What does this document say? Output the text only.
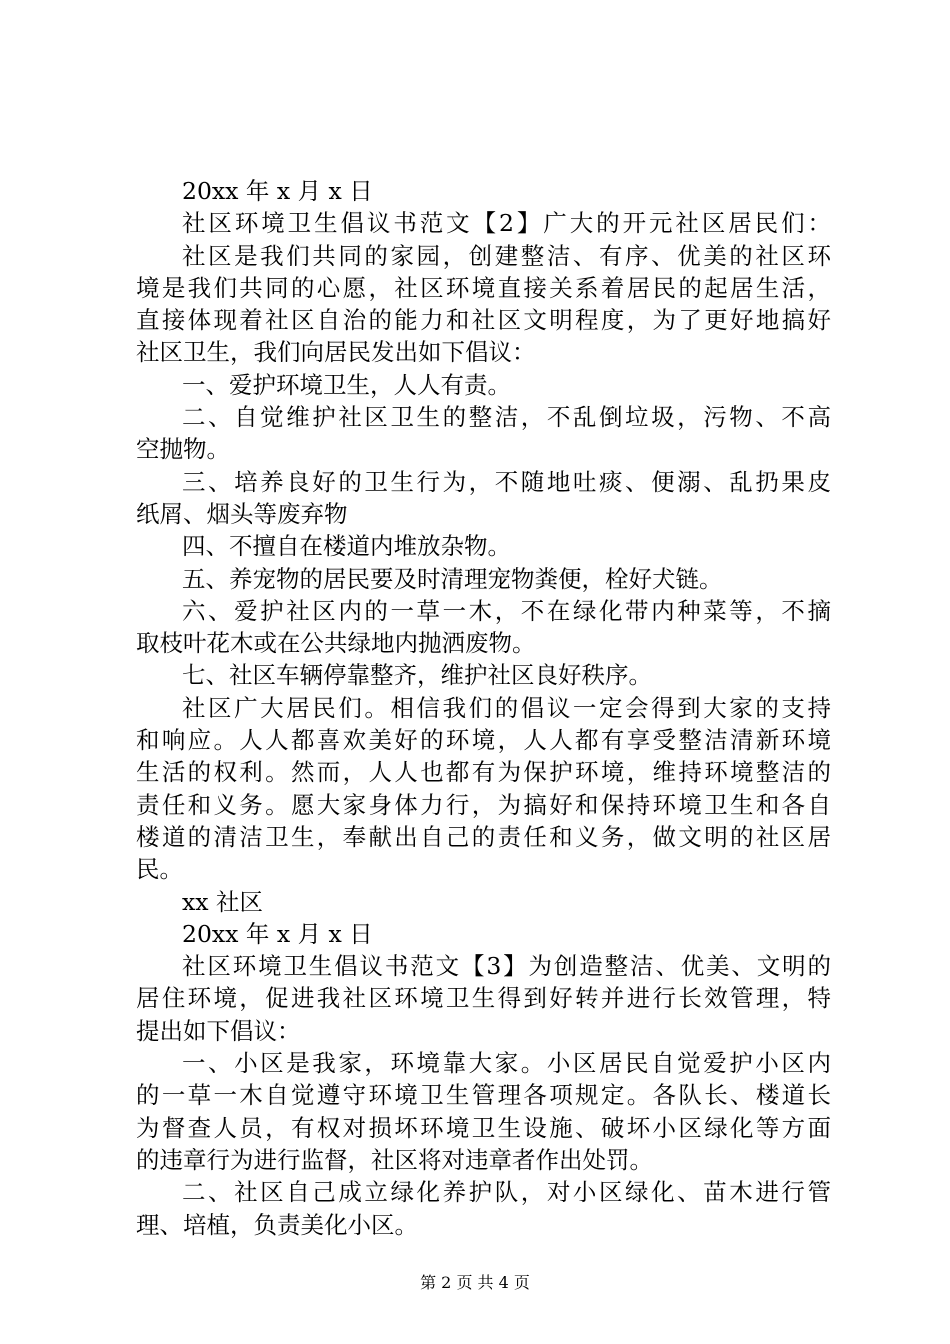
20xx 年 x 月 x 日
社区环境卫生倡议书范文【2】广大的开元社区居民们：
社区是我们共同的家园，创建整洁、有序、优美的社区环
境是我们共同的心愿，社区环境直接关系着居民的起居生活，
直接体现着社区自治的能力和社区文明程度，为了更好地搞好
社区卫生，我们向居民发出如下倡议：
一、爱护环境卫生，人人有责。
二、自觉维护社区卫生的整洁，不乱倒垃圾，污物、不高
空抛物。
三、培养良好的卫生行为，不随地吐痰、便溺、乱扔果皮
纸屑、烟头等废弃物
四、不擅自在楼道内堆放杂物。
五、养宠物的居民要及时清理宠物粪便，栓好犬链。
六、爱护社区内的一草一木，不在绿化带内种菜等，不摘
取枝叶花木或在公共绿地内抛洒废物。
七、社区车辆停靠整齐，维护社区良好秩序。
社区广大居民们。相信我们的倡议一定会得到大家的支持
和响应。人人都喜欢美好的环境，人人都有享受整洁清新环境
生活的权利。然而，人人也都有为保护环境，维持环境整洁的
责任和义务。愿大家身体力行，为搞好和保持环境卫生和各自
楼道的清洁卫生，奉献出自己的责任和义务，做文明的社区居
民。
xx 社区
20xx 年 x 月 x 日
社区环境卫生倡议书范文【3】为创造整洁、优美、文明的
居住环境，促进我社区环境卫生得到好转并进行长效管理，特
提出如下倡议：
一、小区是我家，环境靠大家。小区居民自觉爱护小区内
的一草一木自觉遵守环境卫生管理各项规定。各队长、楼道长
为督查人员，有权对损坏环境卫生设施、破坏小区绿化等方面
的违章行为进行监督，社区将对违章者作出处罚。
二、社区自己成立绿化养护队，对小区绿化、苗木进行管
理、培植，负责美化小区。
第 2 页 共 4 页
